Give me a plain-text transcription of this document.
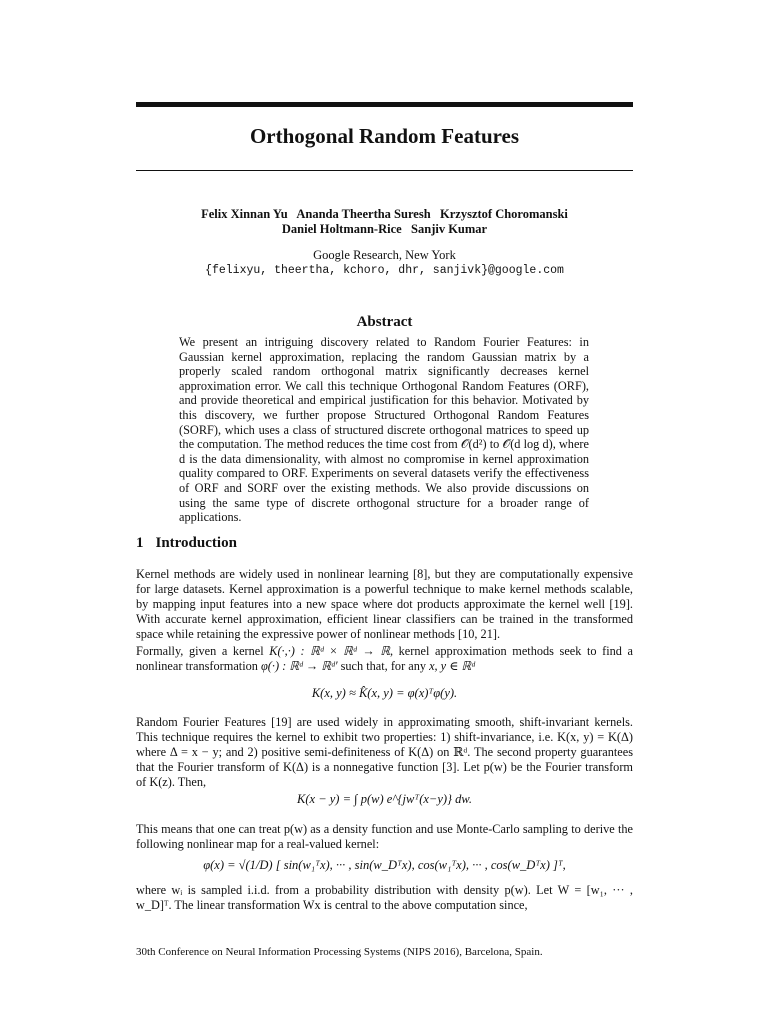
Orthogonal Random Features
Felix Xinnan Yu   Ananda Theertha Suresh   Krzysztof Choromanski
Daniel Holtmann-Rice   Sanjiv Kumar
Google Research, New York
{felixyu, theertha, kchoro, dhr, sanjivk}@google.com
Abstract

We present an intriguing discovery related to Random Fourier Features: in Gaussian kernel approximation, replacing the random Gaussian matrix by a properly scaled random orthogonal matrix significantly decreases kernel approximation error. We call this technique Orthogonal Random Features (ORF), and provide theoretical and empirical justification for this behavior. Motivated by this discovery, we further propose Structured Orthogonal Random Features (SORF), which uses a class of structured discrete orthogonal matrices to speed up the computation. The method reduces the time cost from 𝒪(d²) to 𝒪(d log d), where d is the data dimensionality, with almost no compromise in kernel approximation quality compared to ORF. Experiments on several datasets verify the effectiveness of ORF and SORF over the existing methods. We also provide discussions on using the same type of discrete orthogonal structure for a broader range of applications.

1 Introduction

Kernel methods are widely used in nonlinear learning [8], but they are computationally expensive for large datasets. Kernel approximation is a powerful technique to make kernel methods scalable, by mapping input features into a new space where dot products approximate the kernel well [19]. With accurate kernel approximation, efficient linear classifiers can be trained in the transformed space while retaining the expressive power of nonlinear methods [10, 21].

Formally, given a kernel K(·,·) : ℝᵈ × ℝᵈ → ℝ, kernel approximation methods seek to find a nonlinear transformation φ(·) : ℝᵈ → ℝᵈ′ such that, for any x, y ∈ ℝᵈ

K(x, y) ≈ K̂(x, y) = φ(x)ᵀφ(y).

Random Fourier Features [19] are used widely in approximating smooth, shift-invariant kernels. This technique requires the kernel to exhibit two properties: 1) shift-invariance, i.e. K(x, y) = K(Δ) where Δ = x − y; and 2) positive semi-definiteness of K(Δ) on ℝᵈ. The second property guarantees that the Fourier transform of K(Δ) is a nonnegative function [3]. Let p(w) be the Fourier transform of K(z). Then,

K(x − y) = ∫ p(w) e^{jwᵀ(x−y)} dw.

This means that one can treat p(w) as a density function and use Monte-Carlo sampling to derive the following nonlinear map for a real-valued kernel:

φ(x) = √(1/D) [ sin(w₁ᵀx), ··· , sin(w_Dᵀx), cos(w₁ᵀx), ··· , cos(w_Dᵀx) ]ᵀ,

where wᵢ is sampled i.i.d. from a probability distribution with density p(w). Let W = [w₁, ··· , w_D]ᵀ. The linear transformation Wx is central to the above computation since,

30th Conference on Neural Information Processing Systems (NIPS 2016), Barcelona, Spain.
